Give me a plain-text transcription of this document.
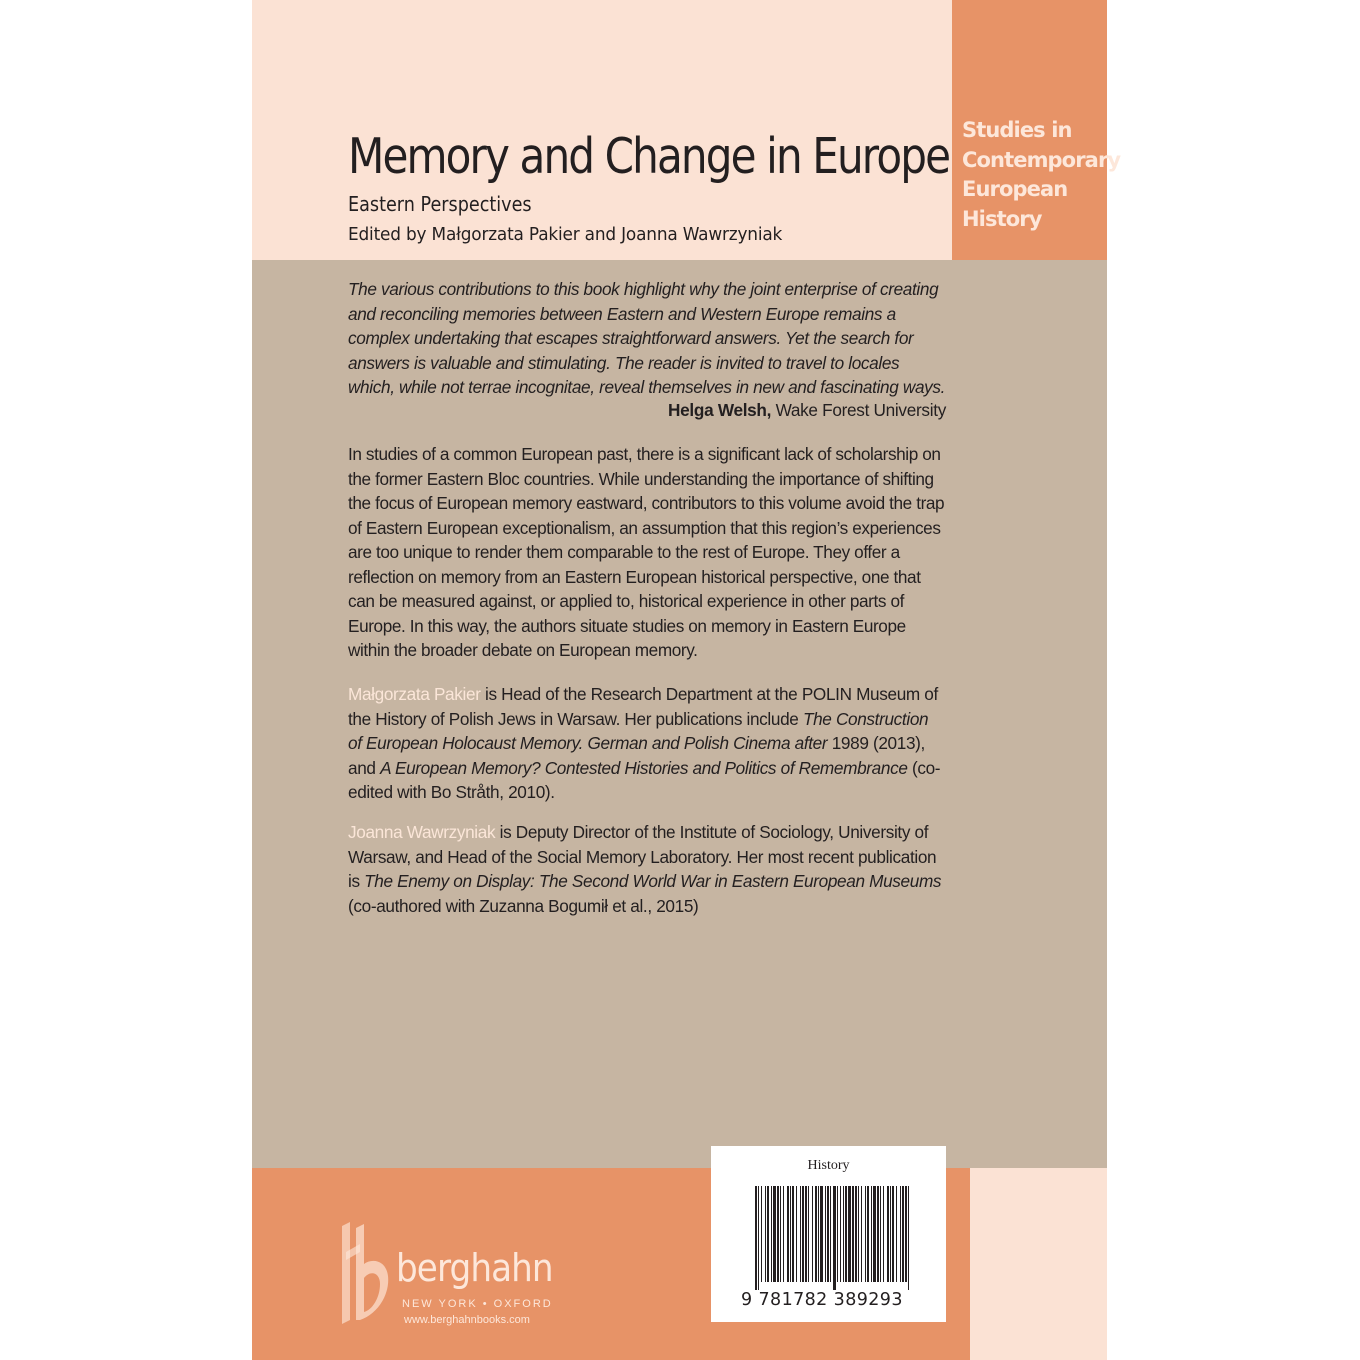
Memory and Change in Europe
Eastern Perspectives
Edited by Małgorzata Pakier and Joanna Wawrzyniak
Studies in
Contemporary
European
History

The various contributions to this book highlight why the joint enterprise of creating and reconciling memories between Eastern and Western Europe remains a complex undertaking that escapes straightforward answers. Yet the search for answers is valuable and stimulating. The reader is invited to travel to locales which, while not terrae incognitae, reveal themselves in new and fascinating ways.

Helga Welsh, Wake Forest University

In studies of a common European past, there is a significant lack of scholarship on the former Eastern Bloc countries. While understanding the importance of shifting the focus of European memory eastward, contributors to this volume avoid the trap of Eastern European exceptionalism, an assumption that this region’s experiences are too unique to render them comparable to the rest of Europe. They offer a reflection on memory from an Eastern European historical perspective, one that can be measured against, or applied to, historical experience in other parts of Europe. In this way, the authors situate studies on memory in Eastern Europe within the broader debate on European memory.

Małgorzata Pakier is Head of the Research Department at the POLIN Museum of the History of Polish Jews in Warsaw. Her publications include The Construction of European Holocaust Memory. German and Polish Cinema after 1989 (2013), and A European Memory? Contested Histories and Politics of Remembrance (co-edited with Bo Stråth, 2010).

Joanna Wawrzyniak is Deputy Director of the Institute of Sociology, University of Warsaw, and Head of the Social Memory Laboratory. Her most recent publication is The Enemy on Display: The Second World War in Eastern European Museums (co-authored with Zuzanna Bogumił et al., 2015)

berghahn
NEW YORK • OXFORD
www.berghahnbooks.com
History
9 781782 389293
